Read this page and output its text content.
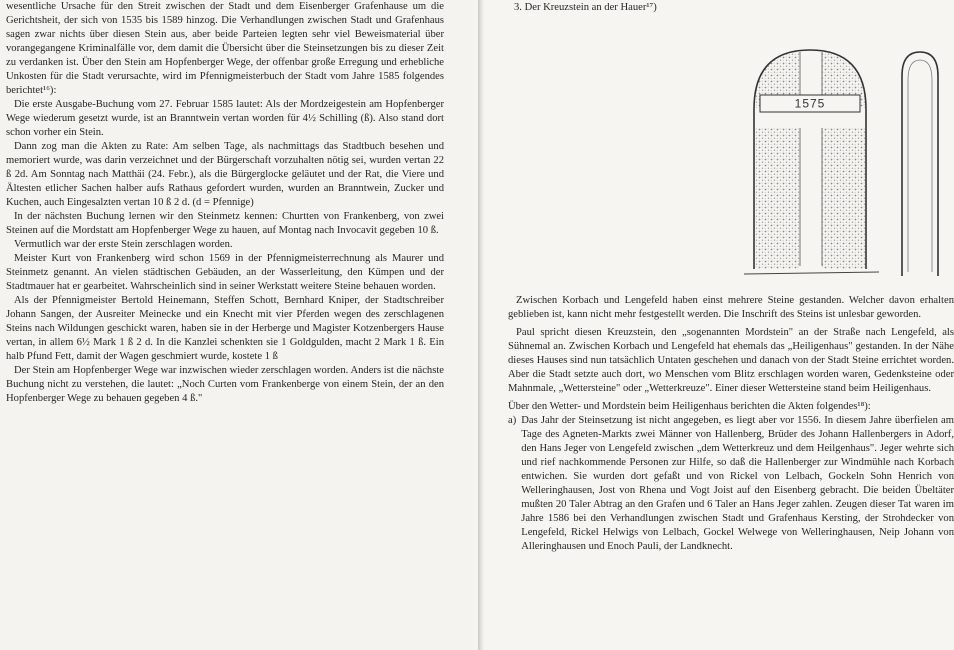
wesentliche Ursache für den Streit zwischen der Stadt und dem Eisenberger Grafenhause um die Gerichtsheit, der sich von 1535 bis 1589 hinzog. Die Verhandlungen zwischen Stadt und Grafenhaus sagen zwar nichts über diesen Stein aus, aber beide Parteien legten sehr viel Beweismaterial über vorangegangene Kriminalfälle vor, dem damit die Übersicht über die Steinsetzungen bis zu dieser Zeit zu verdanken ist. Über den Stein am Hopfenberger Wege, der offenbar große Erregung und erhebliche Unkosten für die Stadt verursachte, wird im Pfennigmeisterbuch der Stadt vom Jahre 1585 folgendes berichtet¹⁶):

Die erste Ausgabe-Buchung vom 27. Februar 1585 lautet: Als der Mordzeigestein am Hopfenberger Wege wiederum gesetzt wurde, ist an Branntwein vertan worden für 4½ Schilling (ß). Also stand dort schon vorher ein Stein.

Dann zog man die Akten zu Rate: Am selben Tage, als nachmittags das Stadtbuch besehen und memoriert wurde, was darin verzeichnet und der Bürgerschaft vorzuhalten nötig sei, wurden vertan 22 ß 2d. Am Sonntag nach Matthäi (24. Febr.), als die Bürgerglocke geläutet und der Rat, die Viere und Ältesten etlicher Sachen halber aufs Rathaus gefordert wurden, wurden an Branntwein, Zucker und Kuchen, auch Eingesalzten vertan 10 ß 2 d. (d = Pfennige)

In der nächsten Buchung lernen wir den Steinmetz kennen: Churtten von Frankenberg, von zwei Steinen auf die Mordstatt am Hopfenberger Wege zu hauen, auf Montag nach Invocavit gegeben 10 ß.

Vermutlich war der erste Stein zerschlagen worden.

Meister Kurt von Frankenberg wird schon 1569 in der Pfennigmeisterrechnung als Maurer und Steinmetz genannt. An vielen städtischen Gebäuden, an der Wasserleitung, den Kümpen und der Stadtmauer hat er gearbeitet. Wahrscheinlich sind in seiner Werkstatt weitere Steine behauen worden.

Als der Pfennigmeister Bertold Heinemann, Steffen Schott, Bernhard Kniper, der Stadtschreiber Johann Sangen, der Ausreiter Meinecke und ein Knecht mit vier Pferden wegen des zerschlagenen Steins nach Wildungen geschickt waren, haben sie in der Herberge und Magister Kotzenbergers Hause vertan, in allem 6½ Mark 1 ß 2 d. In die Kanzlei schenkten sie 1 Goldgulden, macht 2 Mark 1 ß. Ein halb Pfund Fett, damit der Wagen geschmiert wurde, kostete 1 ß

Der Stein am Hopfenberger Wege war inzwischen wieder zerschlagen worden. Anders ist die nächste Buchung nicht zu verstehen, die lautet: „Noch Curten vom Frankenberge von einem Stein, der an den Hopfenberger Wege zu behauen gegeben 4 ß."

3. Der Kreuzstein an der Hauer¹⁷)
1575

Zwischen Korbach und Lengefeld haben einst mehrere Steine gestanden. Welcher davon erhalten geblieben ist, kann nicht mehr festgestellt werden. Die Inschrift des Steins ist unlesbar geworden.

Paul spricht diesen Kreuzstein, den „sogenannten Mordstein" an der Straße nach Lengefeld, als Sühnemal an. Zwischen Korbach und Lengefeld hat ehemals das „Heiligenhaus" gestanden. In der Nähe dieses Hauses sind nun tatsächlich Untaten geschehen und danach von der Stadt Steine errichtet worden. Aber die Stadt setzte auch dort, wo Menschen vom Blitz erschlagen worden waren, Gedenksteine oder Mahnmale, „Wettersteine" oder „Wetterkreuze". Einer dieser Wettersteine stand beim Heiligenhaus.

Über den Wetter- und Mordstein beim Heiligenhaus berichten die Akten folgendes¹⁸):

a) Das Jahr der Steinsetzung ist nicht angegeben, es liegt aber vor 1556. In diesem Jahre überfielen am Tage des Agneten-Markts zwei Männer von Hallenberg, Brüder des Johann Hallenbergers in Adorf, den Hans Jeger von Lengefeld zwischen „dem Wetterkreuz und dem Heilgenhaus". Jeger wehrte sich und rief nachkommende Personen zur Hilfe, so daß die Hallenberger zur Windmühle nach Korbach entwichen. Sie wurden dort gefaßt und von Rickel von Lelbach, Gockeln Sohn Henrich von Welleringhausen, Jost von Rhena und Vogt Joist auf den Eisenberg gebracht. Die beiden Übeltäter mußten 20 Taler Abtrag an den Grafen und 6 Taler an Hans Jeger zahlen. Zeugen dieser Tat waren im Jahre 1586 bei den Verhandlungen zwischen Stadt und Grafenhaus Kersting, der Strohdecker von Lengefeld, Rickel Helwigs von Lelbach, Gockel Welwege von Welleringhausen, Neip Johann von Alleringhausen und Enoch Pauli, der Landknecht.
